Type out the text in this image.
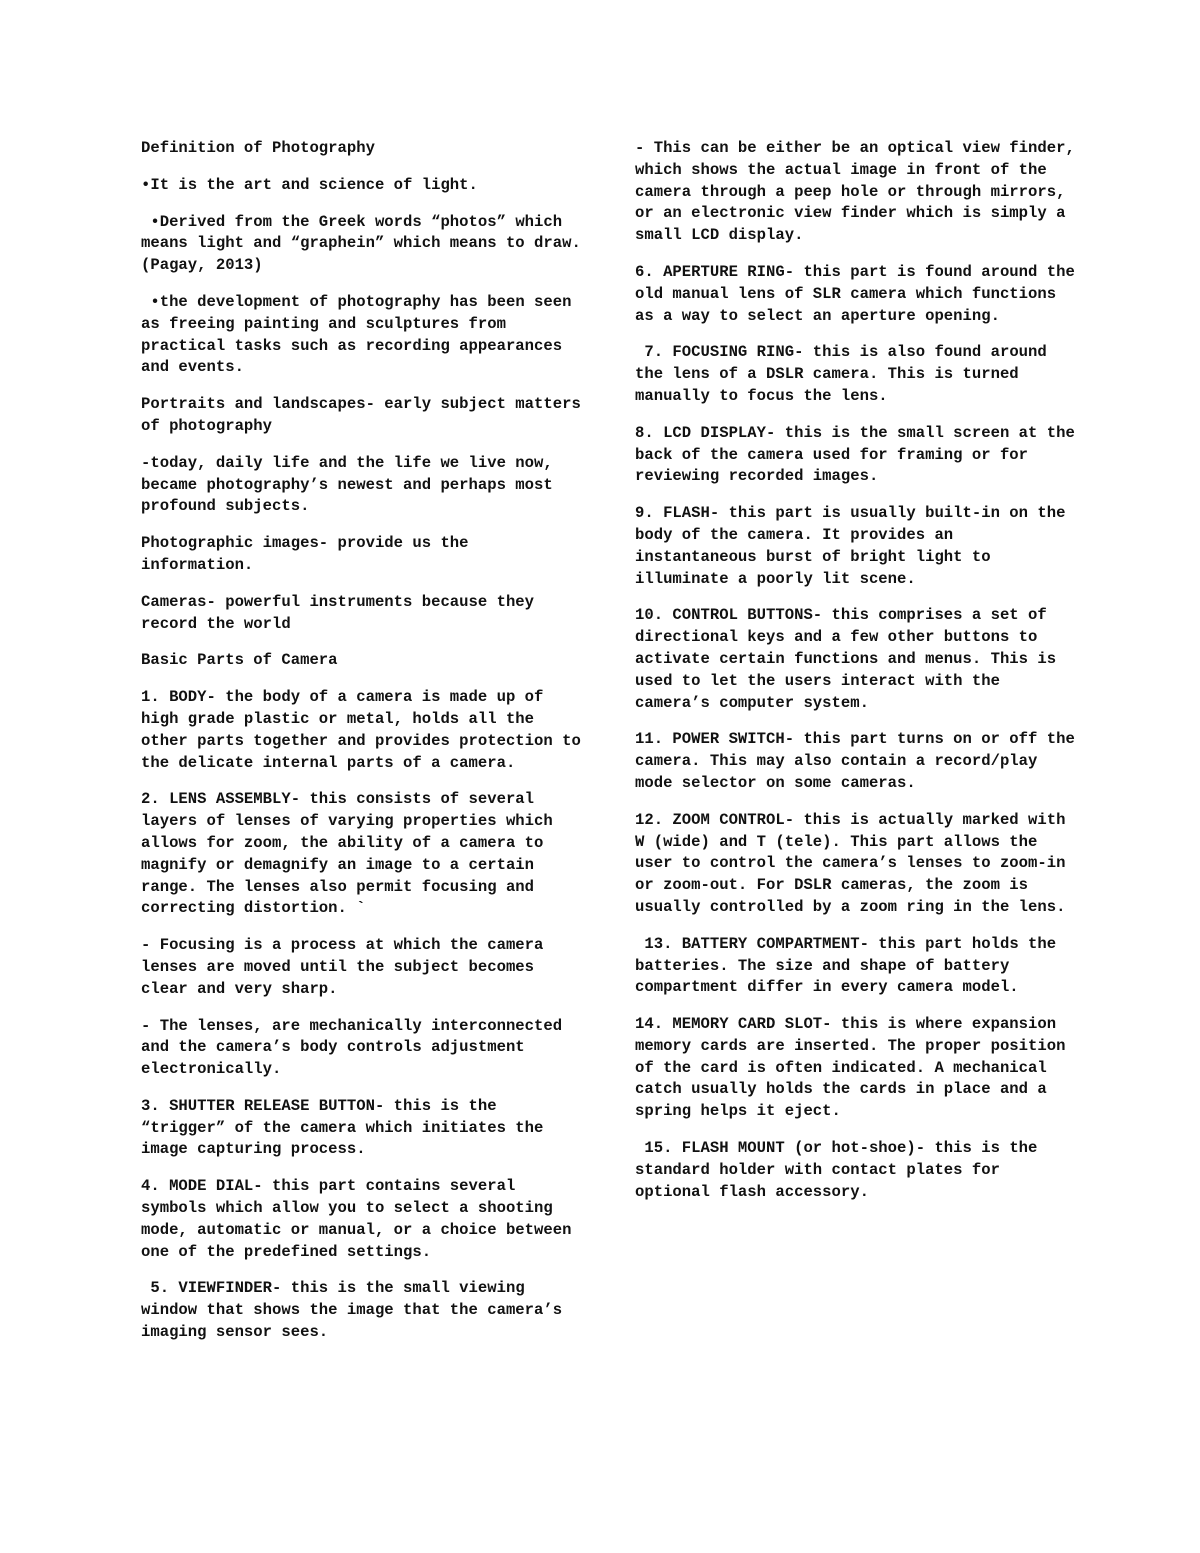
Definition of Photography

•It is the art and science of light.

•Derived from the Greek words “photos” which means light and “graphein” which means to draw. (Pagay, 2013)

•the development of photography has been seen as freeing painting and sculptures from practical tasks such as recording appearances and events.

Portraits and landscapes- early subject matters of photography

-today, daily life and the life we live now, became photography’s newest and perhaps most profound subjects.

Photographic images- provide us the information.

Cameras- powerful instruments because they record the world

Basic Parts of Camera

1. BODY- the body of a camera is made up of high grade plastic or metal, holds all the other parts together and provides protection to the delicate internal parts of a camera.

2. LENS ASSEMBLY- this consists of several layers of lenses of varying properties which allows for zoom, the ability of a camera to magnify or demagnify an image to a certain range. The lenses also permit focusing and correcting distortion. `

- Focusing is a process at which the camera lenses are moved until the subject becomes clear and very sharp.

- The lenses, are mechanically interconnected and the camera’s body controls adjustment electronically.

3. SHUTTER RELEASE BUTTON- this is the “trigger” of the camera which initiates the image capturing process.

4. MODE DIAL- this part contains several symbols which allow you to select a shooting mode, automatic or manual, or a choice between one of the predefined settings.

5. VIEWFINDER- this is the small viewing window that shows the image that the camera’s imaging sensor sees.

- This can be either be an optical view finder, which shows the actual image in front of the camera through a peep hole or through mirrors, or an electronic view finder which is simply a small LCD display.

6. APERTURE RING- this part is found around the old manual lens of SLR camera which functions as a way to select an aperture opening.

7. FOCUSING RING- this is also found around the lens of a DSLR camera. This is turned manually to focus the lens.

8. LCD DISPLAY- this is the small screen at the back of the camera used for framing or for reviewing recorded images.

9. FLASH- this part is usually built-in on the body of the camera. It provides an instantaneous burst of bright light to illuminate a poorly lit scene.

10. CONTROL BUTTONS- this comprises a set of directional keys and a few other buttons to activate certain functions and menus. This is used to let the users interact with the camera’s computer system.

11. POWER SWITCH- this part turns on or off the camera. This may also contain a record/play mode selector on some cameras.

12. ZOOM CONTROL- this is actually marked with W (wide) and T (tele). This part allows the user to control the camera’s lenses to zoom-in or zoom-out. For DSLR cameras, the zoom is usually controlled by a zoom ring in the lens.

13. BATTERY COMPARTMENT- this part holds the batteries. The size and shape of battery compartment differ in every camera model.

14. MEMORY CARD SLOT- this is where expansion memory cards are inserted. The proper position of the card is often indicated. A mechanical catch usually holds the cards in place and a spring helps it eject.

15. FLASH MOUNT (or hot-shoe)- this is the standard holder with contact plates for optional flash accessory.
